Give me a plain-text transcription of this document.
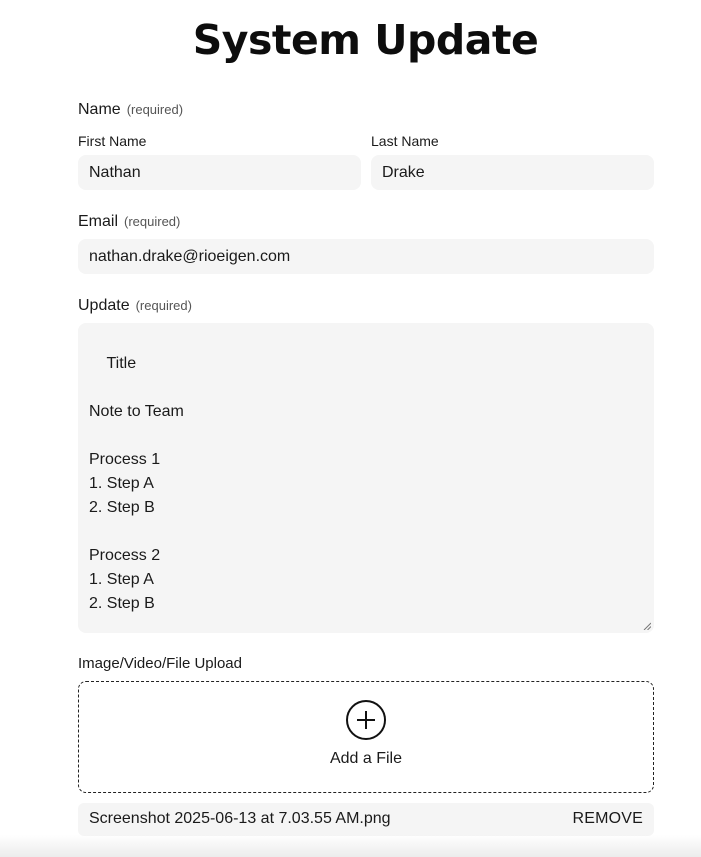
System Update
Name (required)
First Name	Last Name
Nathan
Drake
Email (required)
nathan.drake@rioeigen.com
Update (required)

Title

Note to Team

Process 1
1. Step A
2. Step B

Process 2
1. Step A
2. Step B

Image/Video/File Upload
Add a File
Screenshot 2025-06-13 at 7.03.55 AM.png	REMOVE
